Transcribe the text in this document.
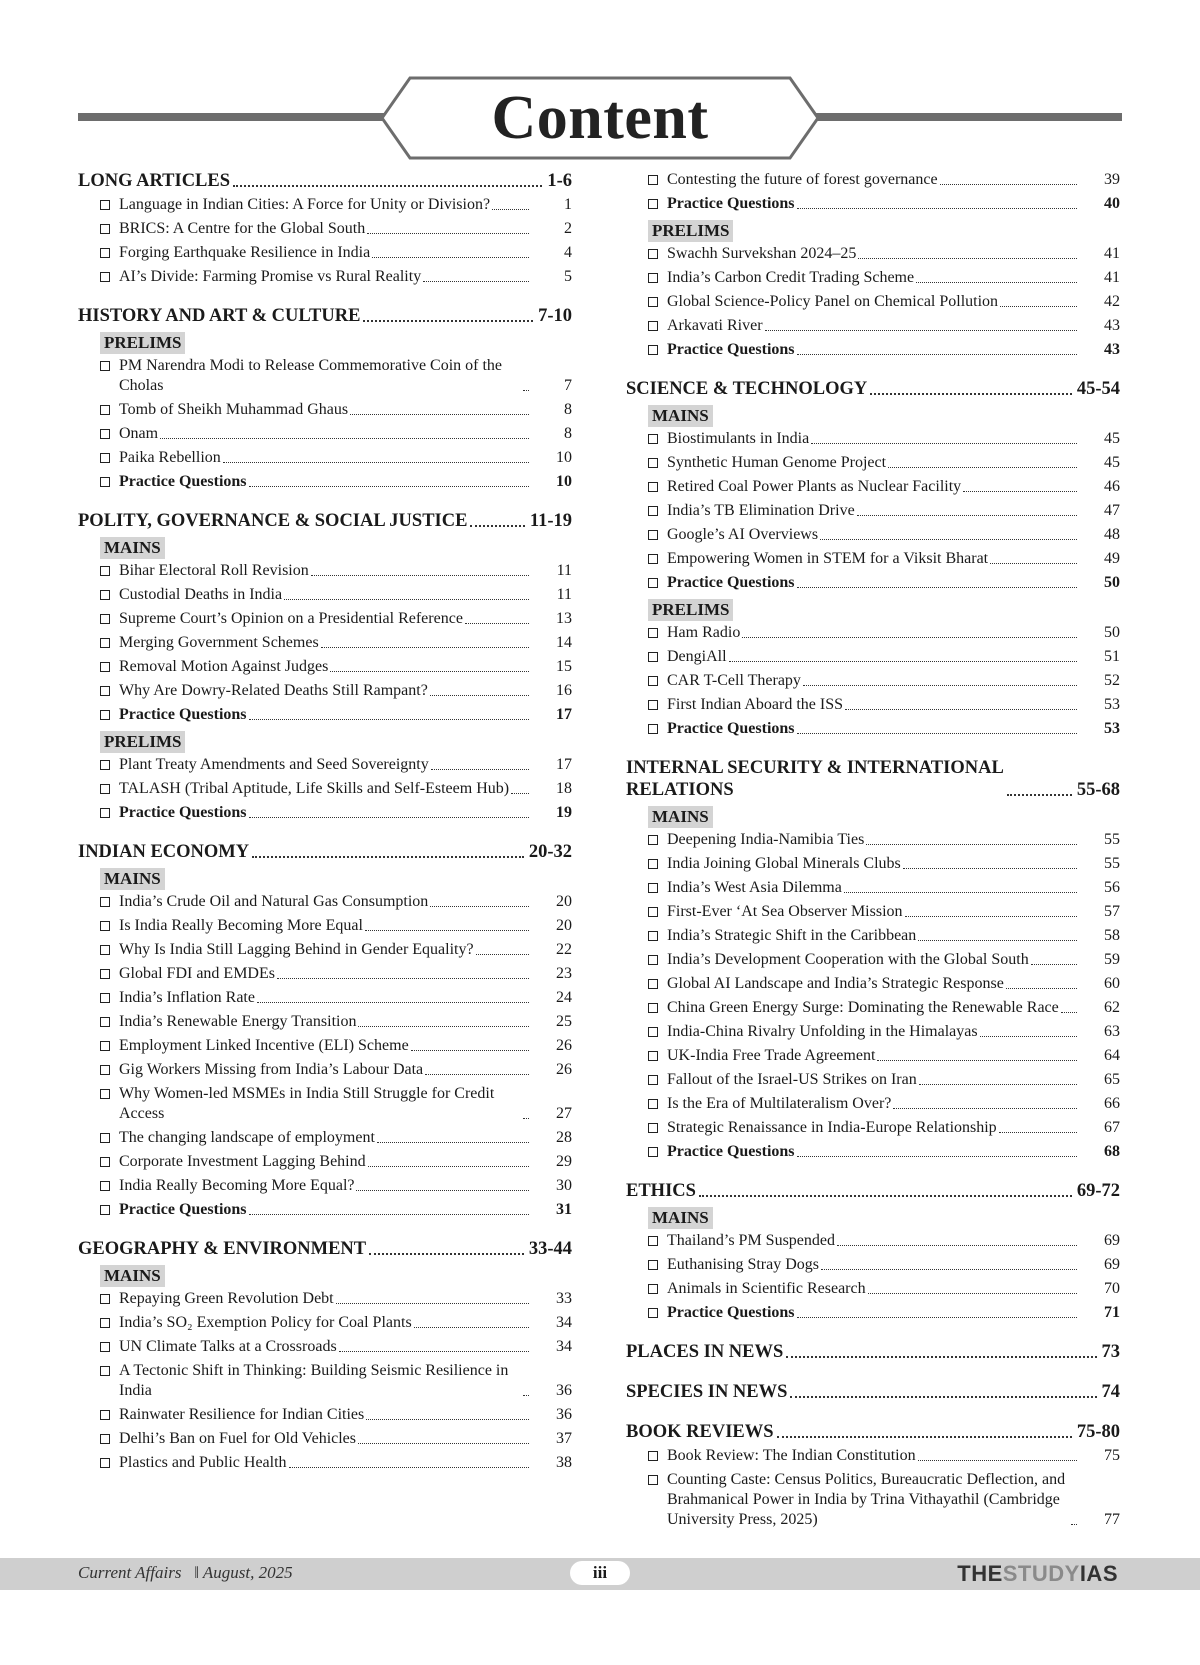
Content
LONG ARTICLES	1-6
Language in Indian Cities: A Force for Unity or Division?	1
BRICS: A Centre for the Global South	2
Forging Earthquake Resilience in India	4
AI’s Divide: Farming Promise vs Rural Reality	5
HISTORY AND ART & CULTURE	7-10
PRELIMS
PM Narendra Modi to Release Commemorative Coin of the Cholas	7
Tomb of Sheikh Muhammad Ghaus	8
Onam	8
Paika Rebellion	10
Practice Questions	10
POLITY, GOVERNANCE & SOCIAL JUSTICE	11-19
MAINS
Bihar Electoral Roll Revision	11
Custodial Deaths in India	11
Supreme Court’s Opinion on a Presidential Reference	13
Merging Government Schemes	14
Removal Motion Against Judges	15
Why Are Dowry-Related Deaths Still Rampant?	16
Practice Questions	17
PRELIMS
Plant Treaty Amendments and Seed Sovereignty	17
TALASH (Tribal Aptitude, Life Skills and Self-Esteem Hub)	18
Practice Questions	19
INDIAN ECONOMY	20-32
MAINS
India’s Crude Oil and Natural Gas Consumption	20
Is India Really Becoming More Equal	20
Why Is India Still Lagging Behind in Gender Equality?	22
Global FDI and EMDEs	23
India’s Inflation Rate	24
India’s Renewable Energy Transition	25
Employment Linked Incentive (ELI) Scheme	26
Gig Workers Missing from India’s Labour Data	26
Why Women-led MSMEs in India Still Struggle for Credit Access	27
The changing landscape of employment	28
Corporate Investment Lagging Behind	29
India Really Becoming More Equal?	30
Practice Questions	31
GEOGRAPHY & ENVIRONMENT	33-44
MAINS
Repaying Green Revolution Debt	33
India’s SO₂ Exemption Policy for Coal Plants	34
UN Climate Talks at a Crossroads	34
A Tectonic Shift in Thinking: Building Seismic Resilience in India	36
Rainwater Resilience for Indian Cities	36
Delhi’s Ban on Fuel for Old Vehicles	37
Plastics and Public Health	38
Contesting the future of forest governance	39
Practice Questions	40
PRELIMS
Swachh Survekshan 2024–25	41
India’s Carbon Credit Trading Scheme	41
Global Science-Policy Panel on Chemical Pollution	42
Arkavati River	43
Practice Questions	43
SCIENCE & TECHNOLOGY	45-54
MAINS
Biostimulants in India	45
Synthetic Human Genome Project	45
Retired Coal Power Plants as Nuclear Facility	46
India’s TB Elimination Drive	47
Google’s AI Overviews	48
Empowering Women in STEM for a Viksit Bharat	49
Practice Questions	50
PRELIMS
Ham Radio	50
DengiAll	51
CAR T-Cell Therapy	52
First Indian Aboard the ISS	53
Practice Questions	53
INTERNAL SECURITY & INTERNATIONAL
RELATIONS	55-68
MAINS
Deepening India-Namibia Ties	55
India Joining Global Minerals Clubs	55
India’s West Asia Dilemma	56
First-Ever ‘At Sea Observer Mission	57
India’s Strategic Shift in the Caribbean	58
India’s Development Cooperation with the Global South	59
Global AI Landscape and India’s Strategic Response	60
China Green Energy Surge: Dominating the Renewable Race	62
India-China Rivalry Unfolding in the Himalayas	63
UK-India Free Trade Agreement	64
Fallout of the Israel-US Strikes on Iran	65
Is the Era of Multilateralism Over?	66
Strategic Renaissance in India-Europe Relationship	67
Practice Questions	68
ETHICS	69-72
MAINS
Thailand’s PM Suspended	69
Euthanising Stray Dogs	69
Animals in Scientific Research	70
Practice Questions	71
PLACES IN NEWS	73
SPECIES IN NEWS	74
BOOK REVIEWS	75-80
Book Review: The Indian Constitution	75
Counting Caste: Census Politics, Bureaucratic Deflection, and Brahmanical Power in India by Trina Vithayathil (Cambridge University Press, 2025)	77
Current Affairs   ‖ August, 2025	iii	THESTUDYIAS
